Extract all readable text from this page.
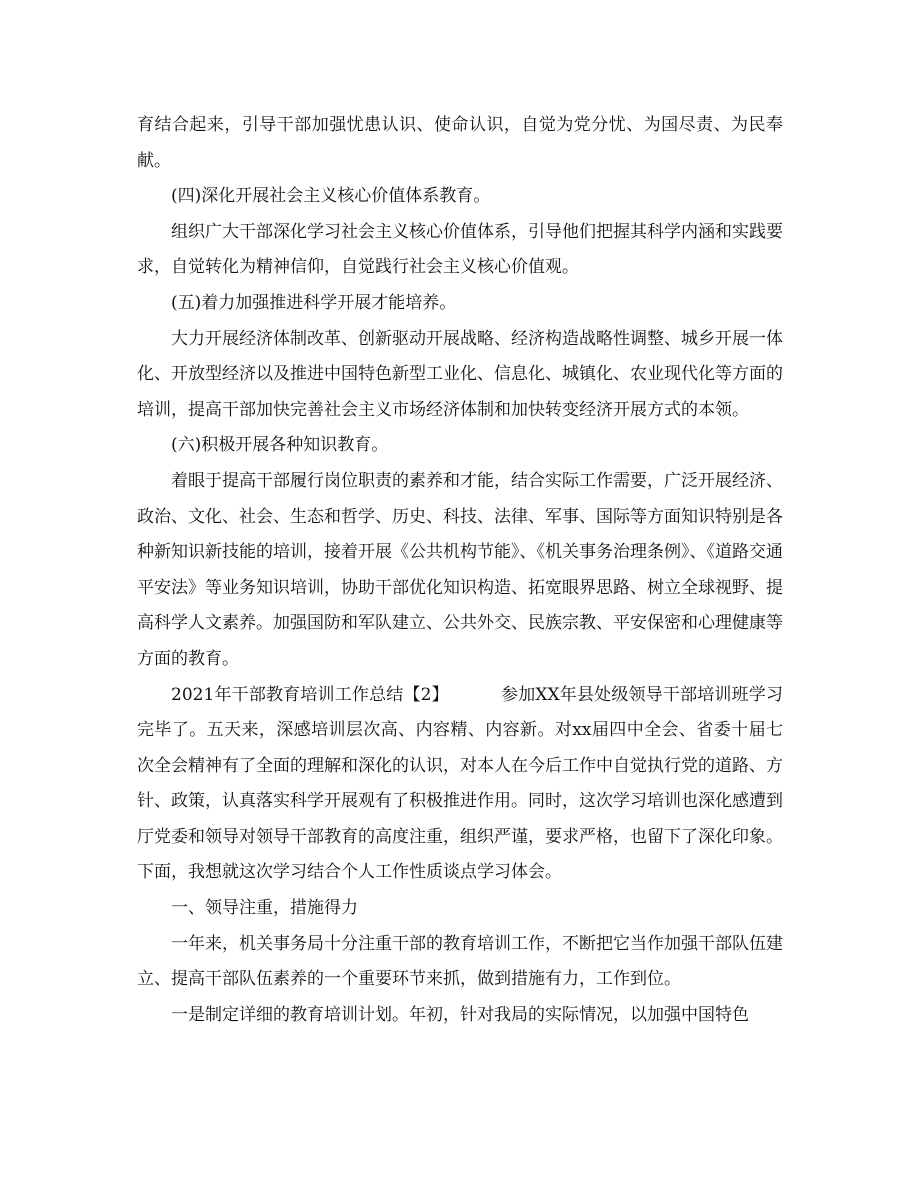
育结合起来，引导干部加强忧患认识、使命认识，自觉为党分忧、为国尽责、为民奉献。

(四)深化开展社会主义核心价值体系教育。

组织广大干部深化学习社会主义核心价值体系，引导他们把握其科学内涵和实践要求，自觉转化为精神信仰，自觉践行社会主义核心价值观。

(五)着力加强推进科学开展才能培养。

大力开展经济体制改革、创新驱动开展战略、经济构造战略性调整、城乡开展一体化、开放型经济以及推进中国特色新型工业化、信息化、城镇化、农业现代化等方面的培训，提高干部加快完善社会主义市场经济体制和加快转变经济开展方式的本领。

(六)积极开展各种知识教育。

着眼于提高干部履行岗位职责的素养和才能，结合实际工作需要，广泛开展经济、政治、文化、社会、生态和哲学、历史、科技、法律、军事、国际等方面知识特别是各种新知识新技能的培训，接着开展《公共机构节能》、《机关事务治理条例》、《道路交通平安法》等业务知识培训，协助干部优化知识构造、拓宽眼界思路、树立全球视野、提高科学人文素养。加强国防和军队建立、公共外交、民族宗教、平安保密和心理健康等方面的教育。

2021年干部教育培训工作总结【2】	参加XX年县处级领导干部培训班学习完毕了。五天来，深感培训层次高、内容精、内容新。对xx届四中全会、省委十届七次全会精神有了全面的理解和深化的认识，对本人在今后工作中自觉执行党的道路、方针、政策，认真落实科学开展观有了积极推进作用。同时，这次学习培训也深化感遭到厅党委和领导对领导干部教育的高度注重，组织严谨，要求严格，也留下了深化印象。下面，我想就这次学习结合个人工作性质谈点学习体会。

一、领导注重，措施得力

一年来，机关事务局十分注重干部的教育培训工作，不断把它当作加强干部队伍建立、提高干部队伍素养的一个重要环节来抓，做到措施有力，工作到位。

一是制定详细的教育培训计划。年初，针对我局的实际情况，以加强中国特色
